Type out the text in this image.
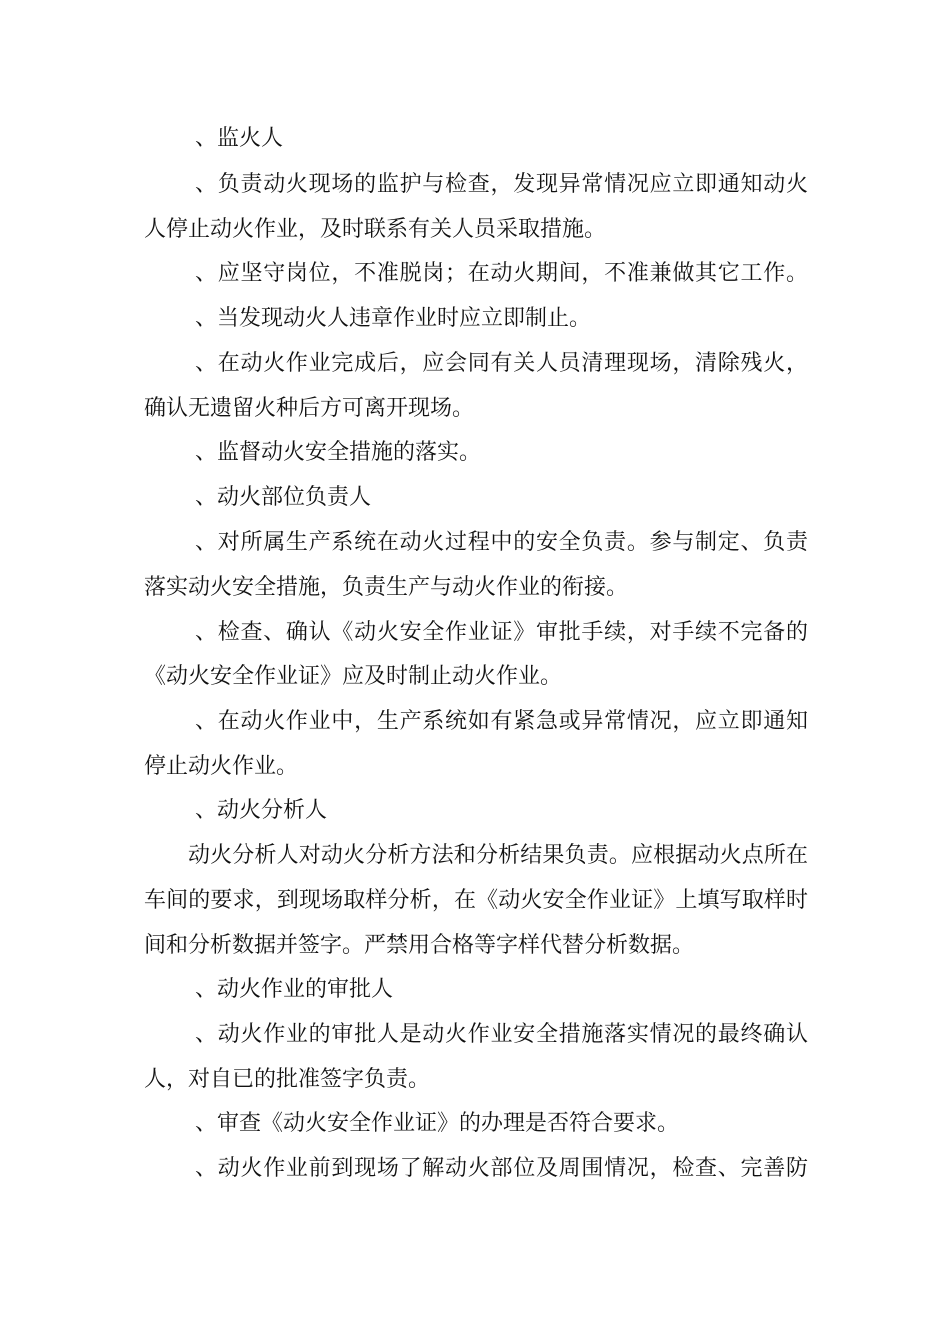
、监火人
、负责动火现场的监护与检查，发现异常情况应立即通知动火
人停止动火作业，及时联系有关人员采取措施。
、应坚守岗位，不准脱岗；在动火期间，不准兼做其它工作。
、当发现动火人违章作业时应立即制止。
、在动火作业完成后，应会同有关人员清理现场，清除残火，
确认无遗留火种后方可离开现场。
、监督动火安全措施的落实。
、动火部位负责人
、对所属生产系统在动火过程中的安全负责。参与制定、负责
落实动火安全措施，负责生产与动火作业的衔接。
、检查、确认《动火安全作业证》审批手续，对手续不完备的
《动火安全作业证》应及时制止动火作业。
、在动火作业中，生产系统如有紧急或异常情况，应立即通知
停止动火作业。
、动火分析人
动火分析人对动火分析方法和分析结果负责。应根据动火点所在
车间的要求，到现场取样分析，在《动火安全作业证》上填写取样时
间和分析数据并签字。严禁用合格等字样代替分析数据。
、动火作业的审批人
、动火作业的审批人是动火作业安全措施落实情况的最终确认
人，对自已的批准签字负责。
、审查《动火安全作业证》的办理是否符合要求。
、动火作业前到现场了解动火部位及周围情况，检查、完善防
